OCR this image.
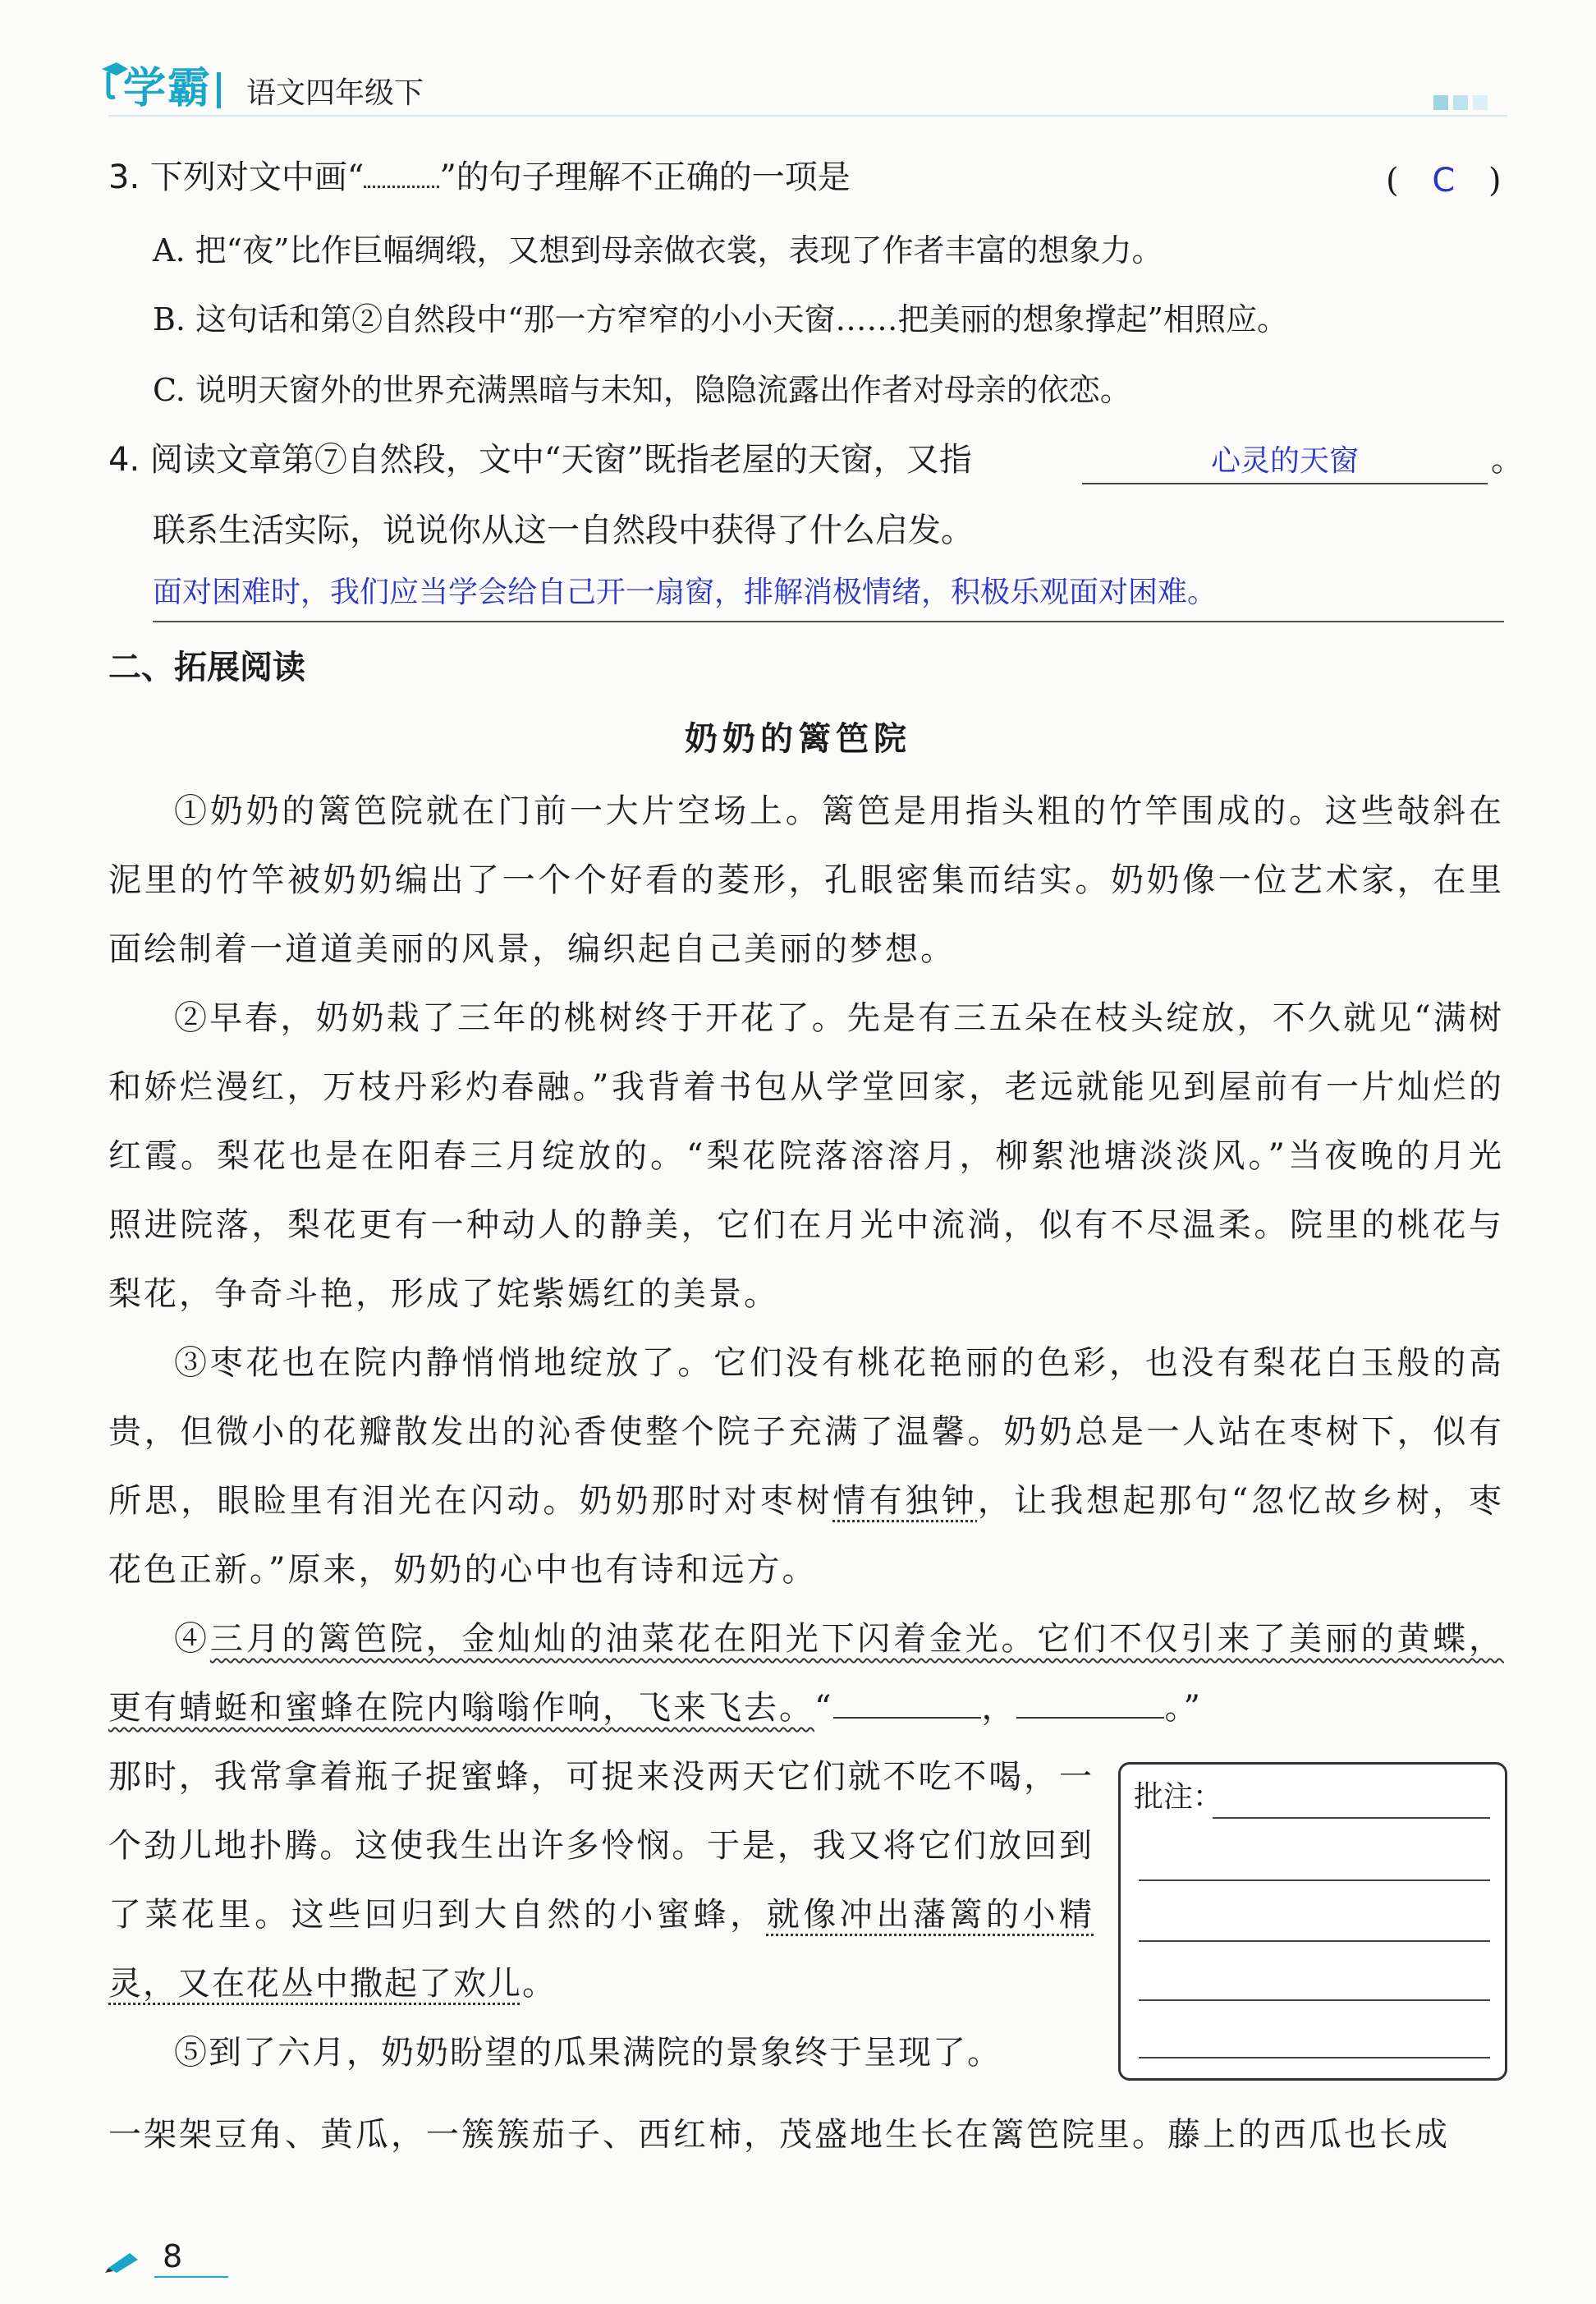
学霸 语文四年级下
3. 下列对文中画“ ”的句子理解不正确的一项是	( C )
A. 把“夜”比作巨幅绸缎，又想到母亲做衣裳，表现了作者丰富的想象力。
B. 这句话和第②自然段中“那一方窄窄的小小天窗……把美丽的想象撑起”相照应。
C. 说明天窗外的世界充满黑暗与未知，隐隐流露出作者对母亲的依恋。
4. 阅读文章第⑦自然段，文中“天窗”既指老屋的天窗，又指	心灵的天窗	。
联系生活实际，说说你从这一自然段中获得了什么启发。
面对困难时，我们应当学会给自己开一扇窗，排解消极情绪，积极乐观面对困难。
二、拓展阅读
奶奶的篱笆院

①奶奶的篱笆院就在门前一大片空场上。篱笆是用指头粗的竹竿围成的。这些敧斜在泥里的竹竿被奶奶编出了一个个好看的菱形，孔眼密集而结实。奶奶像一位艺术家，在里面绘制着一道道美丽的风景，编织起自己美丽的梦想。

②早春，奶奶栽了三年的桃树终于开花了。先是有三五朵在枝头绽放，不久就见“满树和娇烂漫红，万枝丹彩灼春融。”我背着书包从学堂回家，老远就能见到屋前有一片灿烂的红霞。梨花也是在阳春三月绽放的。“梨花院落溶溶月，柳絮池塘淡淡风。”当夜晚的月光照进院落，梨花更有一种动人的静美，它们在月光中流淌，似有不尽温柔。院里的桃花与梨花，争奇斗艳，形成了姹紫嫣红的美景。

③枣花也在院内静悄悄地绽放了。它们没有桃花艳丽的色彩，也没有梨花白玉般的高贵，但微小的花瓣散发出的沁香使整个院子充满了温馨。奶奶总是一人站在枣树下，似有所思，眼睑里有泪光在闪动。奶奶那时对枣树情有独钟，让我想起那句“忽忆故乡树，枣花色正新。”原来，奶奶的心中也有诗和远方。

④三月的篱笆院，金灿灿的油菜花在阳光下闪着金光。它们不仅引来了美丽的黄蝶，更有蜻蜓和蜜蜂在院内嗡嗡作响，飞来飞去。“	，	。”

那时，我常拿着瓶子捉蜜蜂，可捉来没两天它们就不吃不喝，一个劲儿地扑腾。这使我生出许多怜悯。于是，我又将它们放回到了菜花里。这些回归到大自然的小蜜蜂，就像冲出藩篱的小精灵，又在花丛中撒起了欢儿。

⑤到了六月，奶奶盼望的瓜果满院的景象终于呈现了。

一架架豆角、黄瓜，一簇簇茄子、西红柿，茂盛地生长在篱笆院里。藤上的西瓜也长成

批注：
8
